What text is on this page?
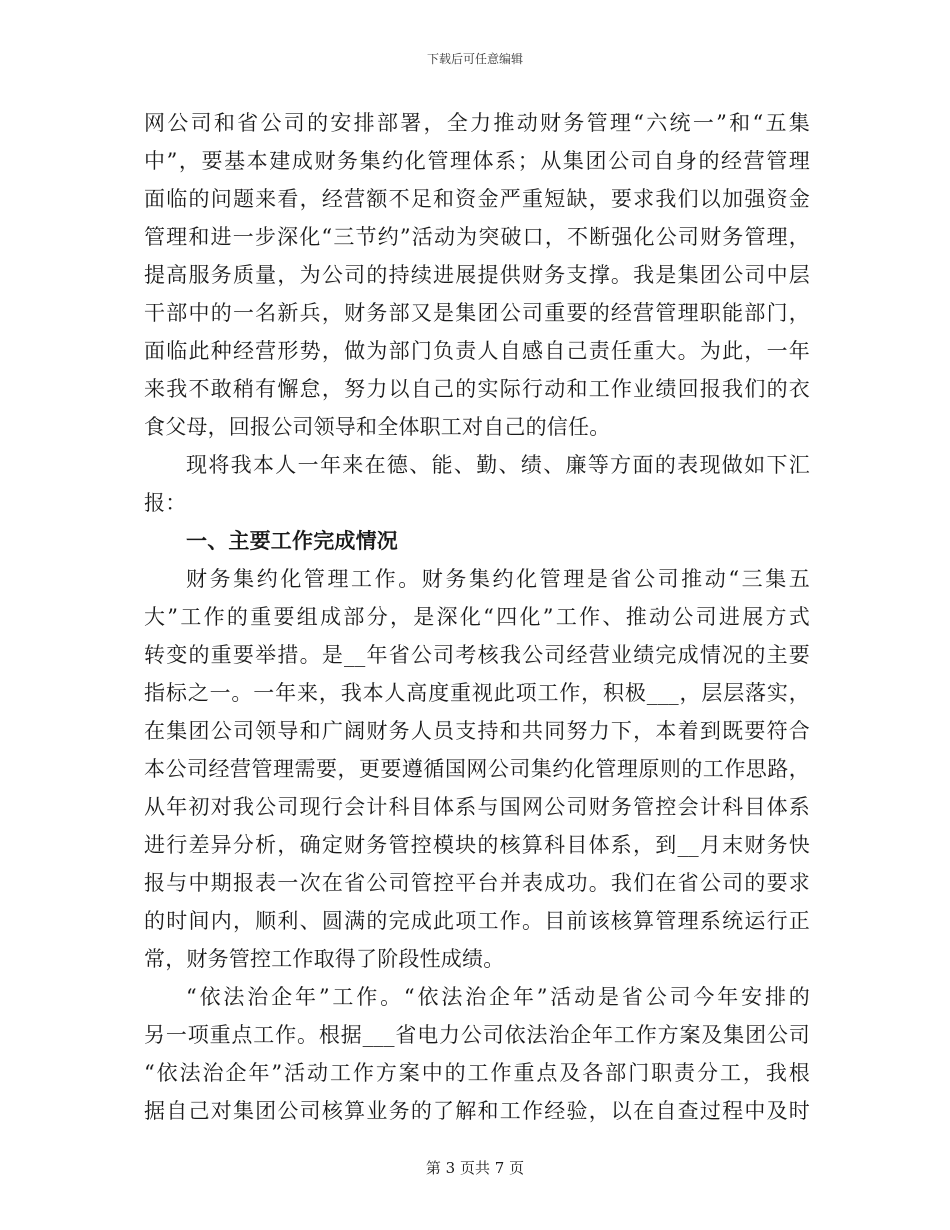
下载后可任意编辑
网公司和省公司的安排部署，全力推动财务管理“六统一”和“五集
中”，要基本建成财务集约化管理体系；从集团公司自身的经营管理
面临的问题来看，经营额不足和资金严重短缺，要求我们以加强资金
管理和进一步深化“三节约”活动为突破口，不断强化公司财务管理，
提高服务质量，为公司的持续进展提供财务支撑。我是集团公司中层
干部中的一名新兵，财务部又是集团公司重要的经营管理职能部门，
面临此种经营形势，做为部门负责人自感自己责任重大。为此，一年
来我不敢稍有懈怠，努力以自己的实际行动和工作业绩回报我们的衣
食父母，回报公司领导和全体职工对自己的信任。
现将我本人一年来在德、能、勤、绩、廉等方面的表现做如下汇
报：
一、主要工作完成情况
财务集约化管理工作。财务集约化管理是省公司推动“三集五
大”工作的重要组成部分，是深化“四化”工作、推动公司进展方式
转变的重要举措。是__年省公司考核我公司经营业绩完成情况的主要
指标之一。一年来，我本人高度重视此项工作，积极___，层层落实，
在集团公司领导和广阔财务人员支持和共同努力下，本着到既要符合
本公司经营管理需要，更要遵循国网公司集约化管理原则的工作思路，
从年初对我公司现行会计科目体系与国网公司财务管控会计科目体系
进行差异分析，确定财务管控模块的核算科目体系，到__月末财务快
报与中期报表一次在省公司管控平台并表成功。我们在省公司的要求
的时间内，顺利、圆满的完成此项工作。目前该核算管理系统运行正
常，财务管控工作取得了阶段性成绩。
“依法治企年”工作。“依法治企年”活动是省公司今年安排的
另一项重点工作。根据___省电力公司依法治企年工作方案及集团公司
“依法治企年”活动工作方案中的工作重点及各部门职责分工，我根
据自己对集团公司核算业务的了解和工作经验，以在自查过程中及时
第 3 页共 7 页
